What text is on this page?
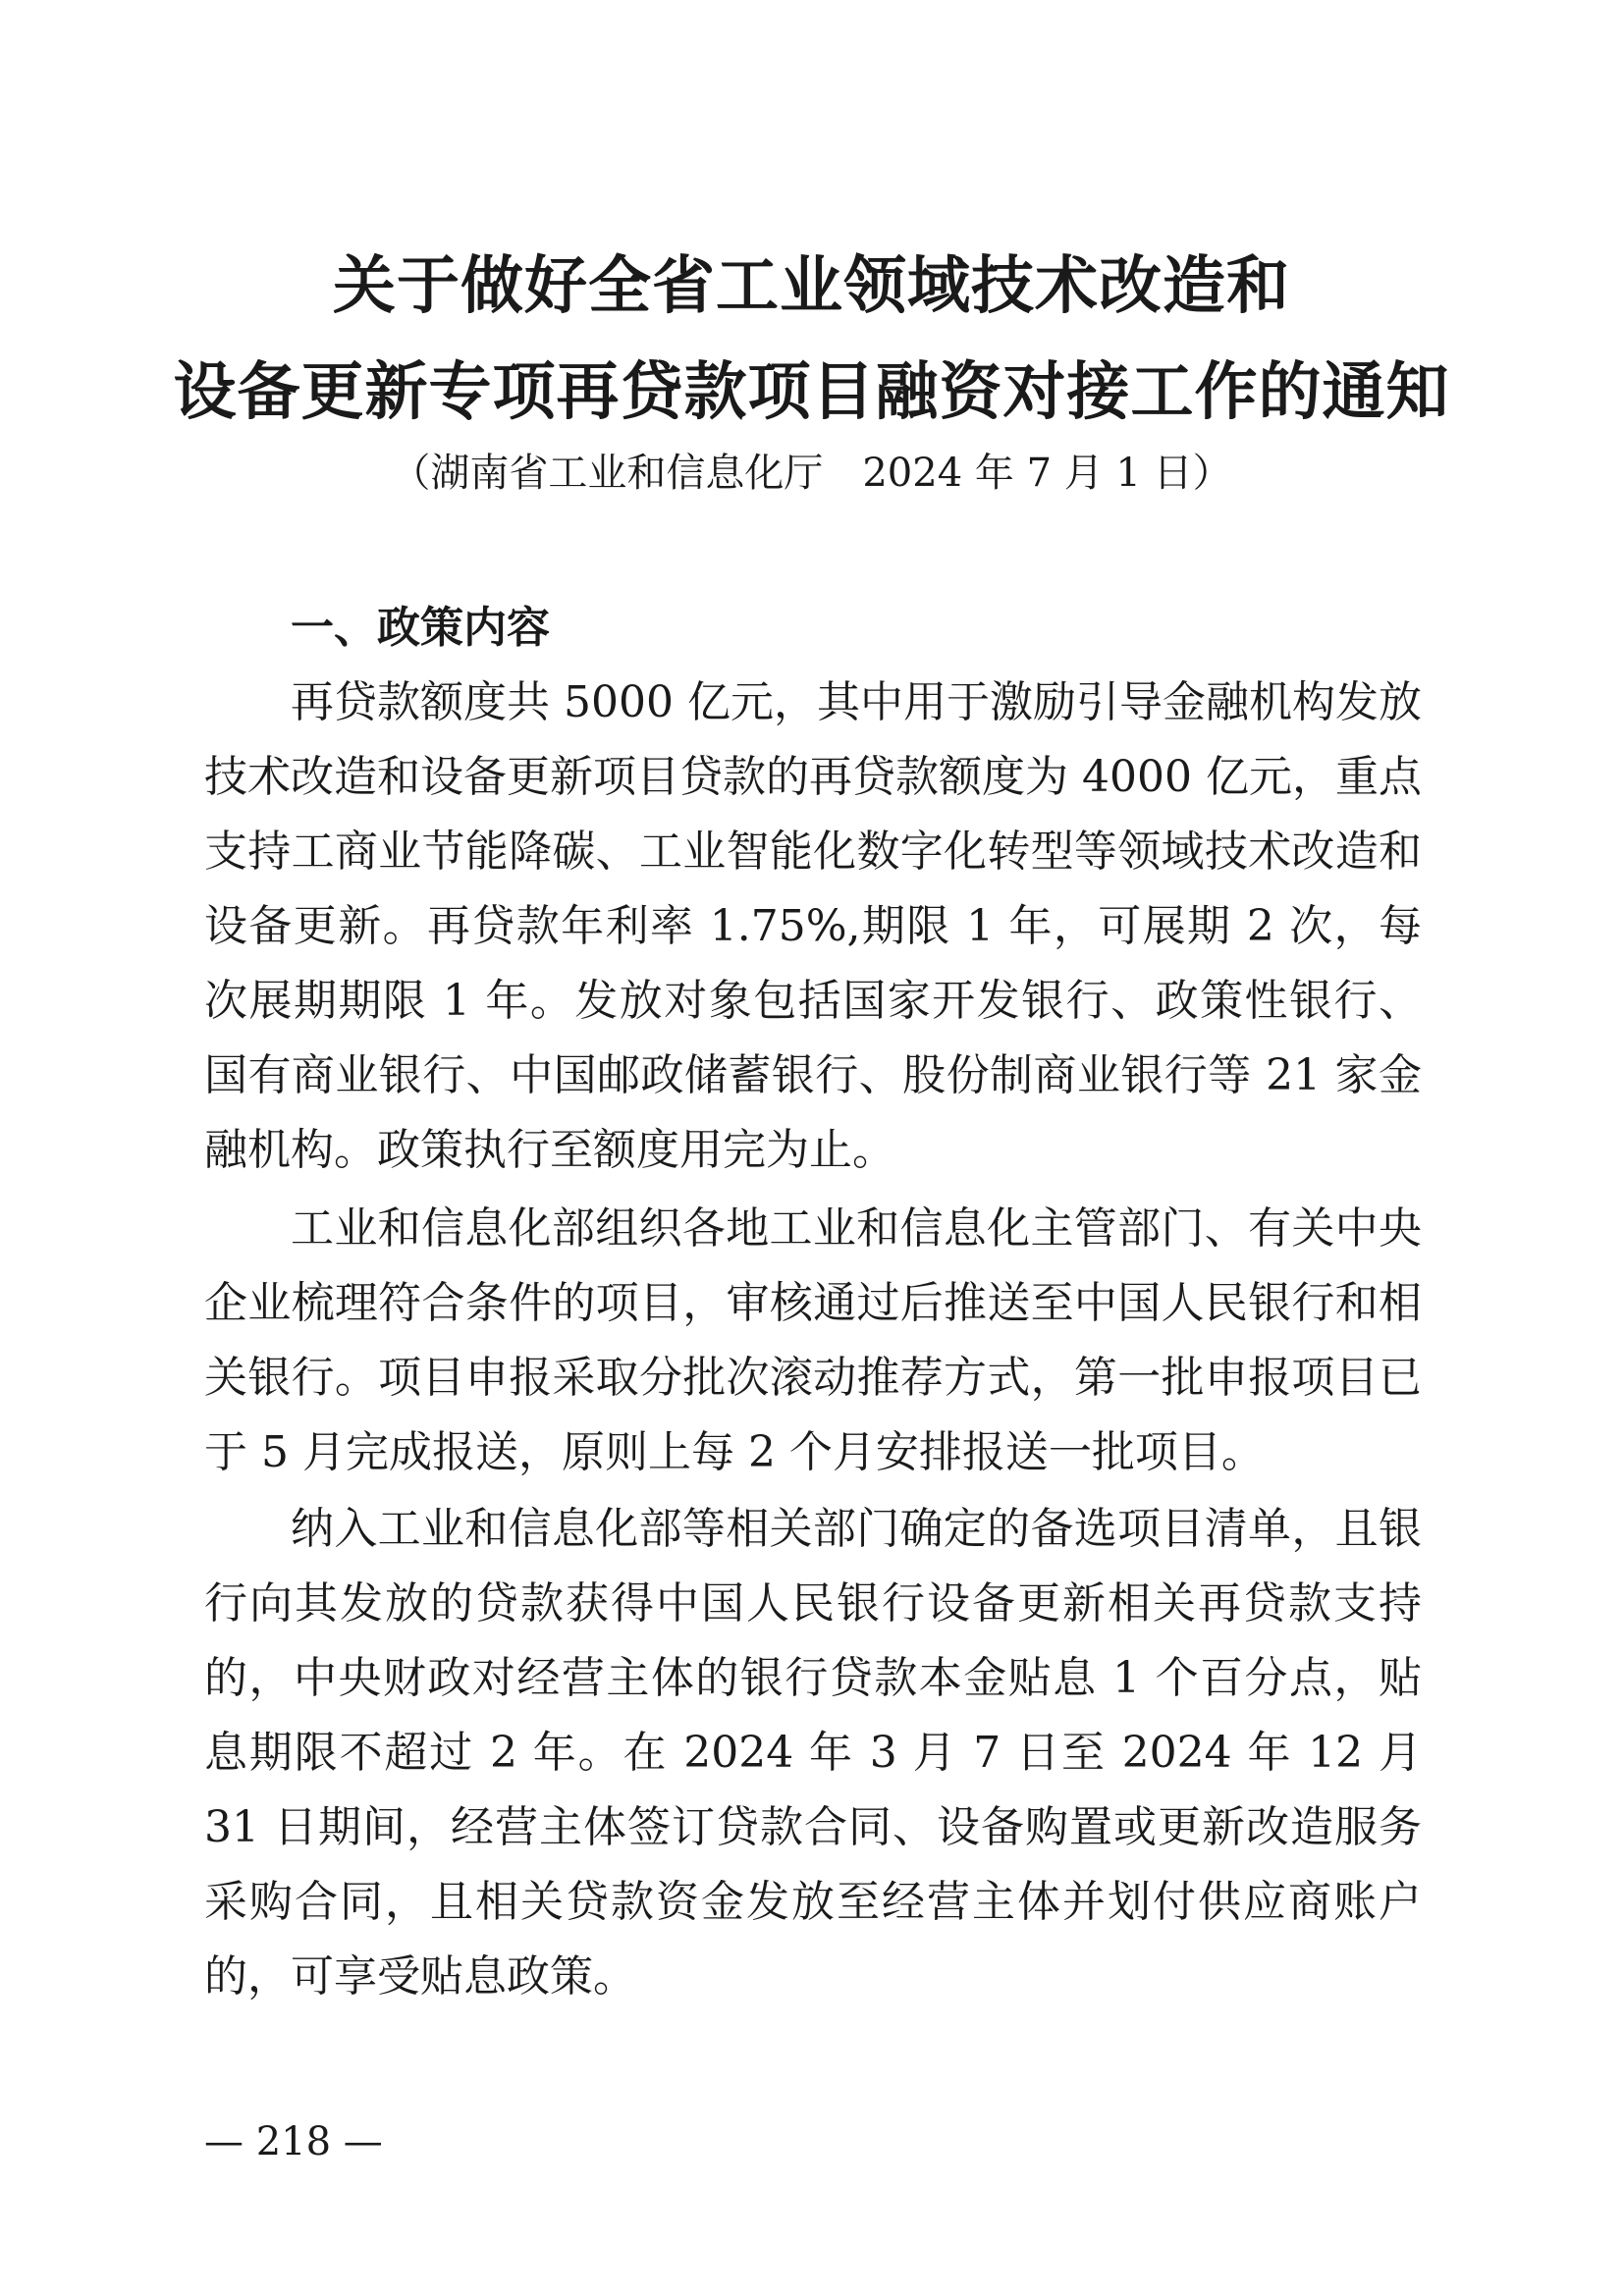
关于做好全省工业领域技术改造和
设备更新专项再贷款项目融资对接工作的通知
（湖南省工业和信息化厅　2024 年 7 月 1 日）
一、政策内容

再贷款额度共 5000 亿元，其中用于激励引导金融机构发放技术改造和设备更新项目贷款的再贷款额度为 4000 亿元，重点支持工商业节能降碳、工业智能化数字化转型等领域技术改造和设备更新。再贷款年利率 1.75%,期限 1 年，可展期 2 次，每次展期期限 1 年。发放对象包括国家开发银行、政策性银行、国有商业银行、中国邮政储蓄银行、股份制商业银行等 21 家金融机构。政策执行至额度用完为止。

工业和信息化部组织各地工业和信息化主管部门、有关中央企业梳理符合条件的项目，审核通过后推送至中国人民银行和相关银行。项目申报采取分批次滚动推荐方式，第一批申报项目已于 5 月完成报送，原则上每 2 个月安排报送一批项目。

纳入工业和信息化部等相关部门确定的备选项目清单，且银行向其发放的贷款获得中国人民银行设备更新相关再贷款支持的，中央财政对经营主体的银行贷款本金贴息 1 个百分点，贴息期限不超过 2 年。在 2024 年 3 月 7 日至 2024 年 12 月 31 日期间，经营主体签订贷款合同、设备购置或更新改造服务采购合同，且相关贷款资金发放至经营主体并划付供应商账户的，可享受贴息政策。

— 218 —
